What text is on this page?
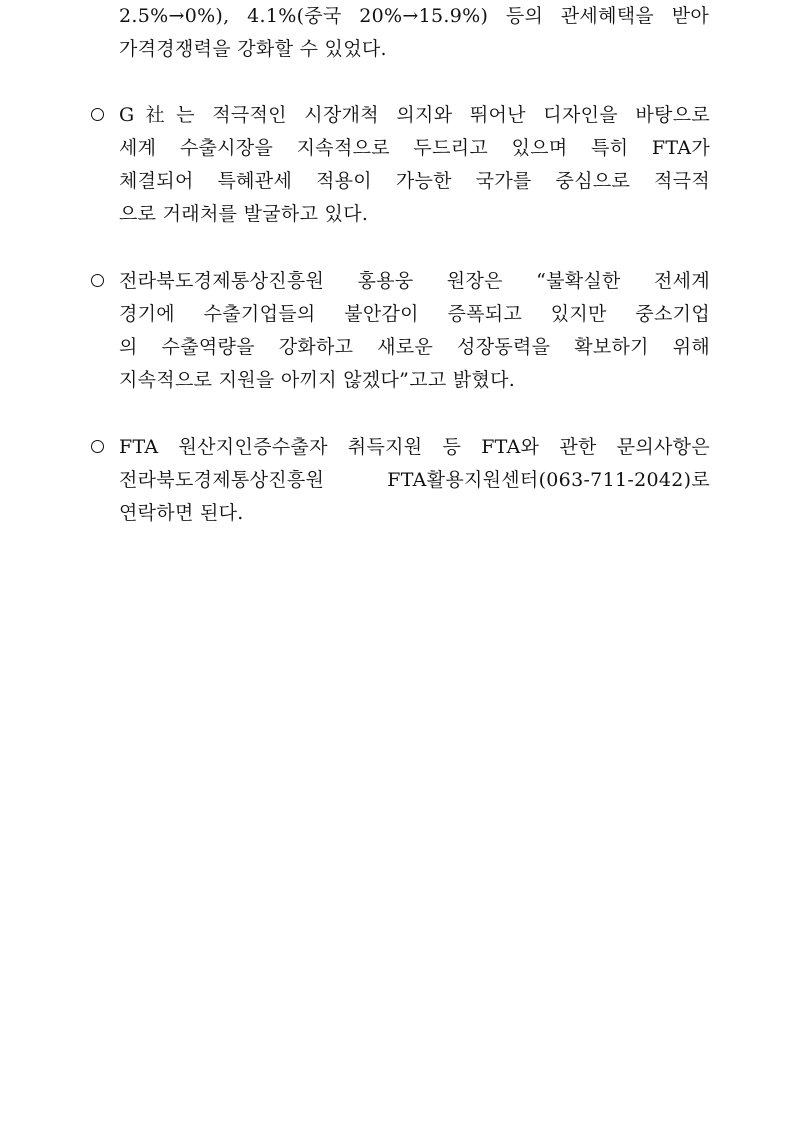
2.5%→0%), 4.1%(중국 20%→15.9%) 등의 관세혜택을 받아
가격경쟁력을 강화할 수 있었다.
G社는 적극적인 시장개척 의지와 뛰어난 디자인을 바탕으로
세계 수출시장을 지속적으로 두드리고 있으며 특히 FTA가
체결되어 특혜관세 적용이 가능한 국가를 중심으로 적극적
으로 거래처를 발굴하고 있다.
전라북도경제통상진흥원 홍용웅 원장은 “불확실한 전세계
경기에 수출기업들의 불안감이 증폭되고 있지만 중소기업
의 수출역량을 강화하고 새로운 성장동력을 확보하기 위해
지속적으로 지원을 아끼지 않겠다”고고 밝혔다.
FTA 원산지인증수출자 취득지원 등 FTA와 관한 문의사항은
전라북도경제통상진흥원 FTA활용지원센터(063-711-2042)로
연락하면 된다.
